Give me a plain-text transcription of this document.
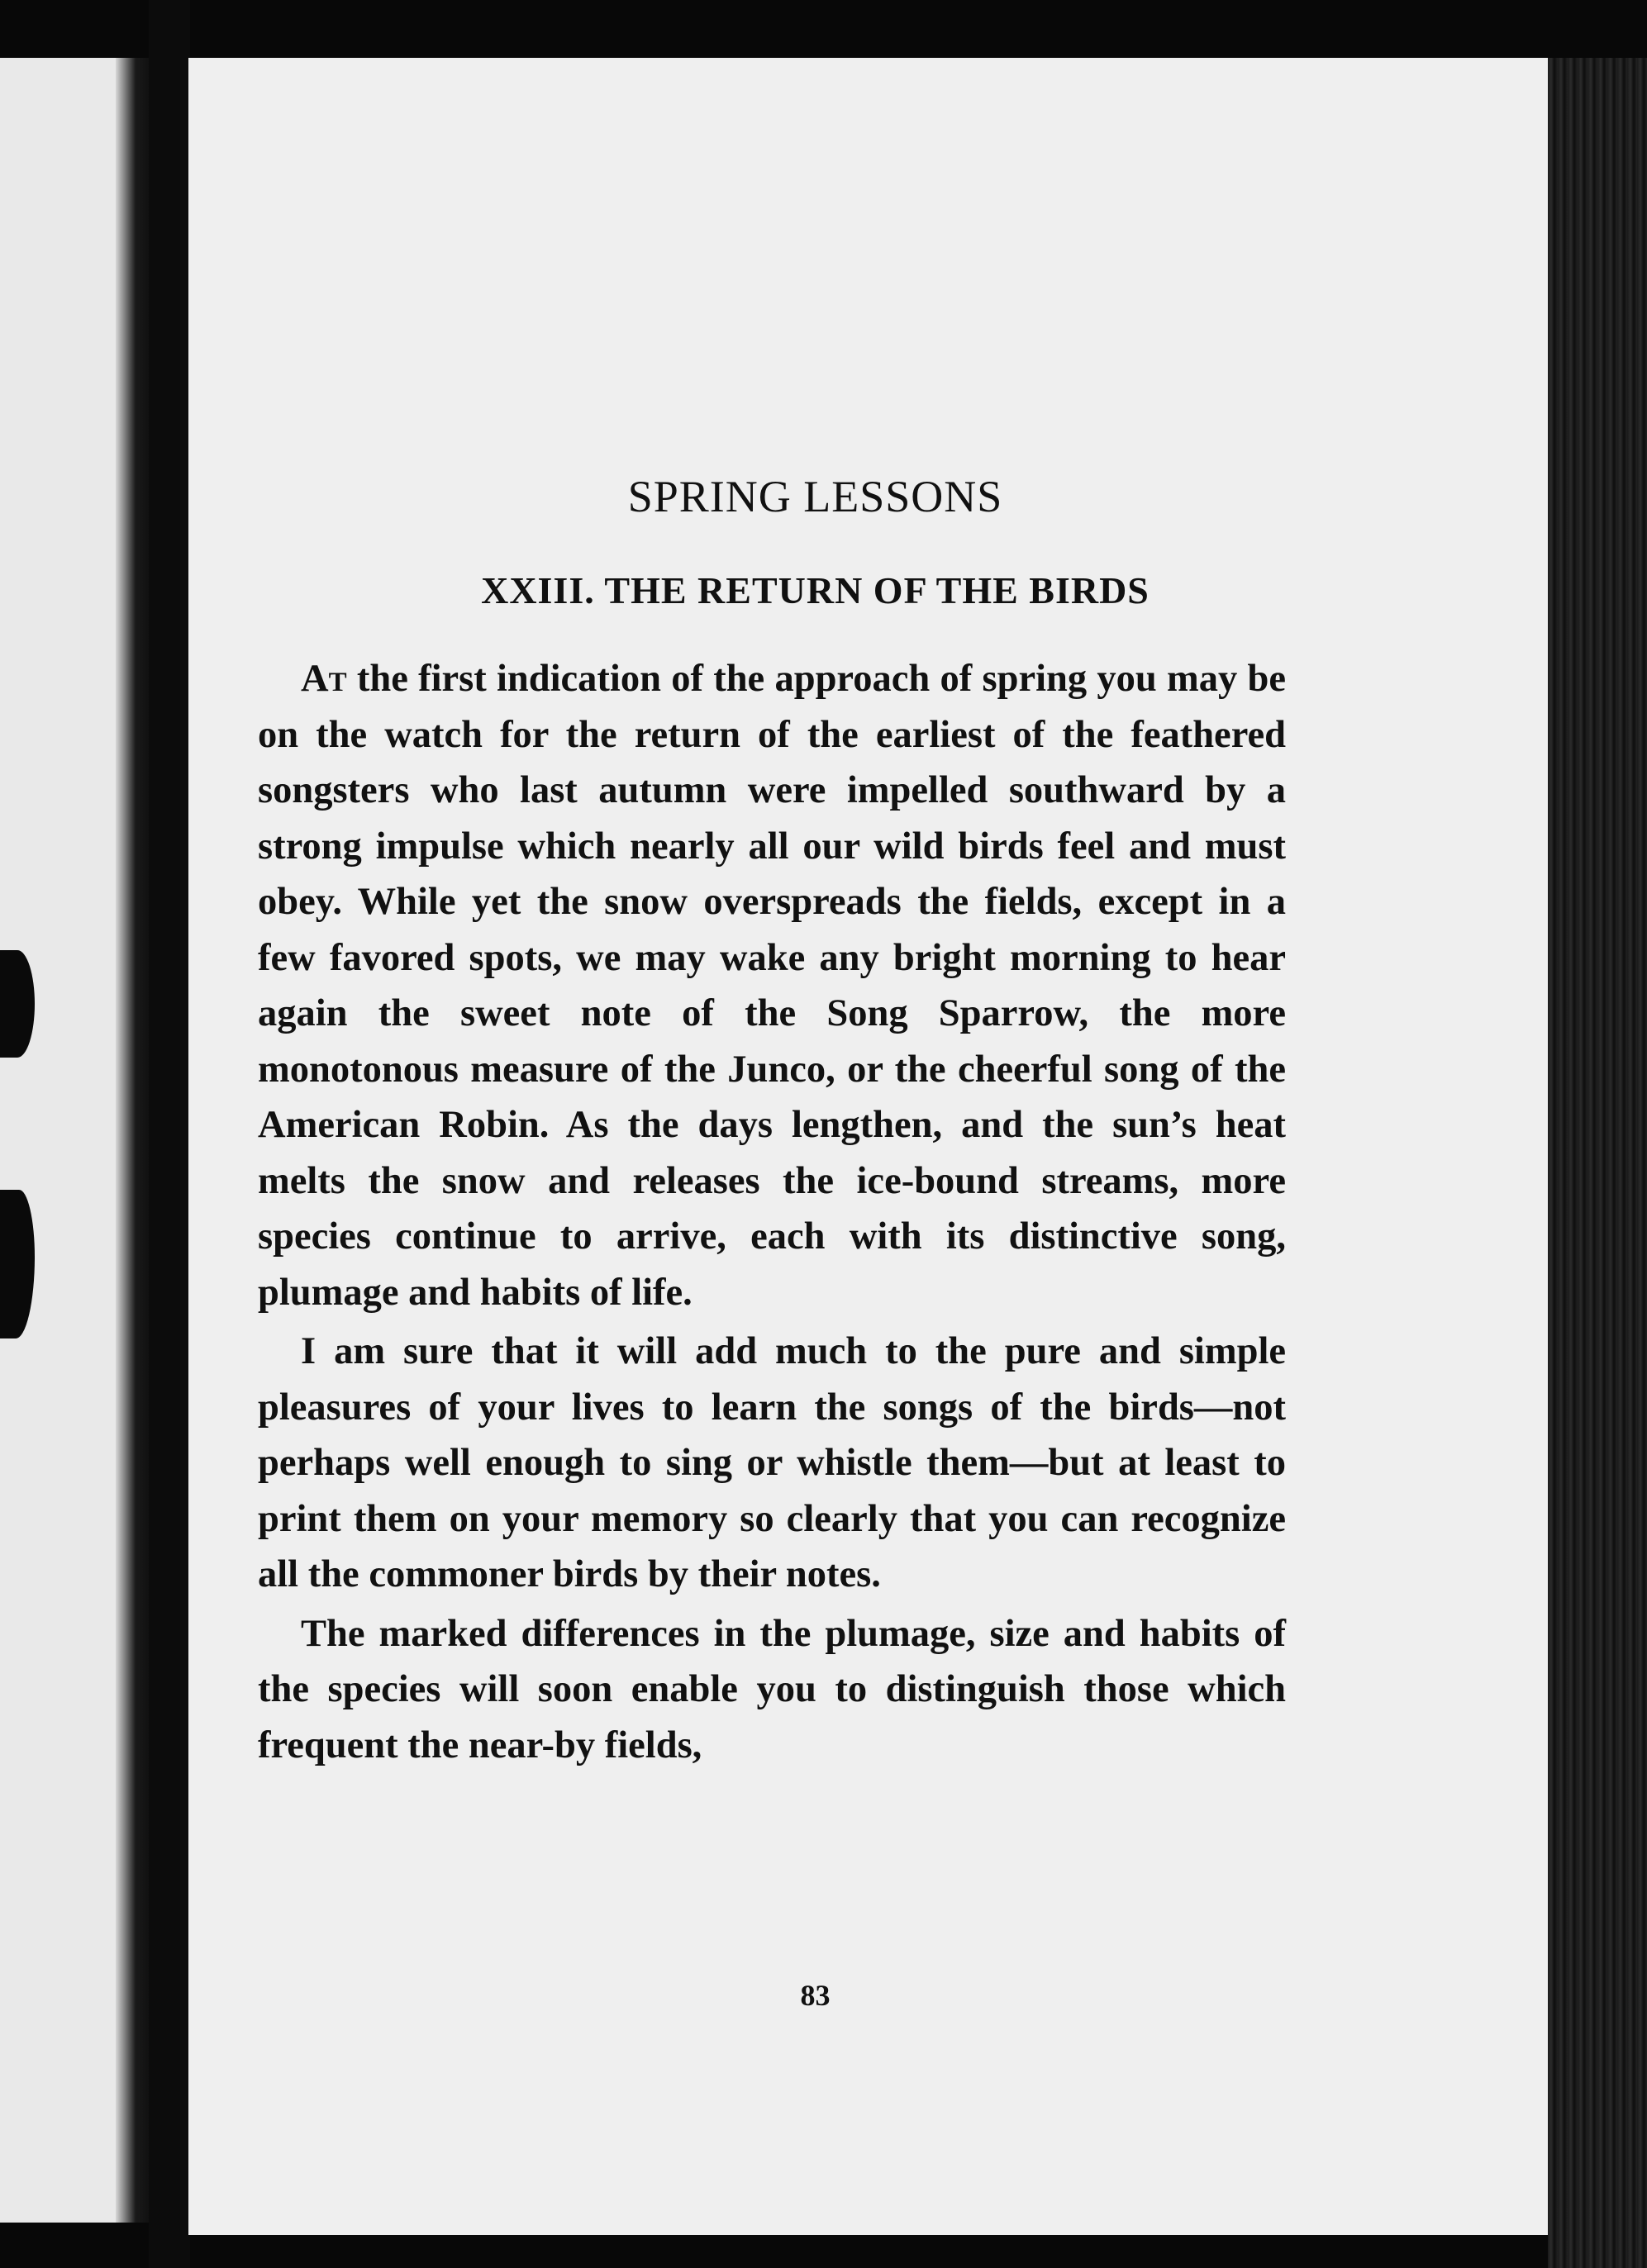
SPRING LESSONS
XXIII. THE RETURN OF THE BIRDS

At the first indication of the approach of spring you may be on the watch for the return of the earliest of the feathered songsters who last autumn were impelled southward by a strong impulse which nearly all our wild birds feel and must obey. While yet the snow overspreads the fields, except in a few favored spots, we may wake any bright morning to hear again the sweet note of the Song Sparrow, the more monotonous measure of the Junco, or the cheerful song of the American Robin. As the days lengthen, and the sun’s heat melts the snow and releases the ice-bound streams, more species continue to arrive, each with its distinctive song, plumage and habits of life.

I am sure that it will add much to the pure and simple pleasures of your lives to learn the songs of the birds—not perhaps well enough to sing or whistle them—but at least to print them on your memory so clearly that you can recognize all the commoner birds by their notes.

The marked differences in the plumage, size and habits of the species will soon enable you to distinguish those which frequent the near-by fields,

83
